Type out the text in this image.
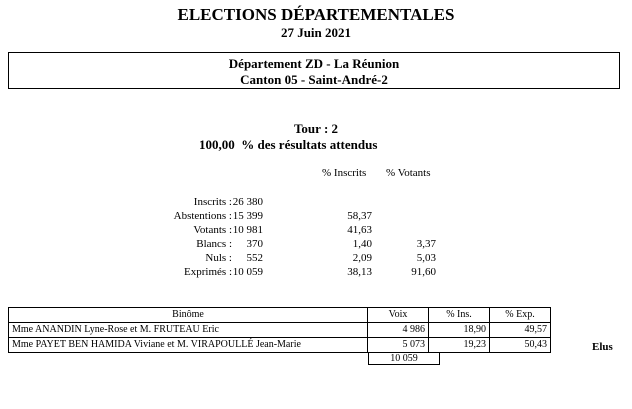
ELECTIONS DÉPARTEMENTALES
27 Juin 2021
Département ZD - La Réunion
Canton 05 - Saint-André-2
Tour : 2
100,00  % des résultats attendus
% Inscrits % Votants
Inscrits : 26 380
Abstentions : 15 399	58,37
Votants : 10 981	41,63
Blancs :	370	1,40	3,37
Nuls :	552	2,09	5,03
Exprimés : 10 059	38,13	91,60
Binôme	Voix	% Ins.	% Exp.
Mme ANANDIN Lyne-Rose et M. FRUTEAU Eric	4 986	18,90	49,57
Mme PAYET BEN HAMIDA Viviane et M. VIRAPOULLÉ Jean-Marie	5 073	19,23	50,43	Elus
10 059
